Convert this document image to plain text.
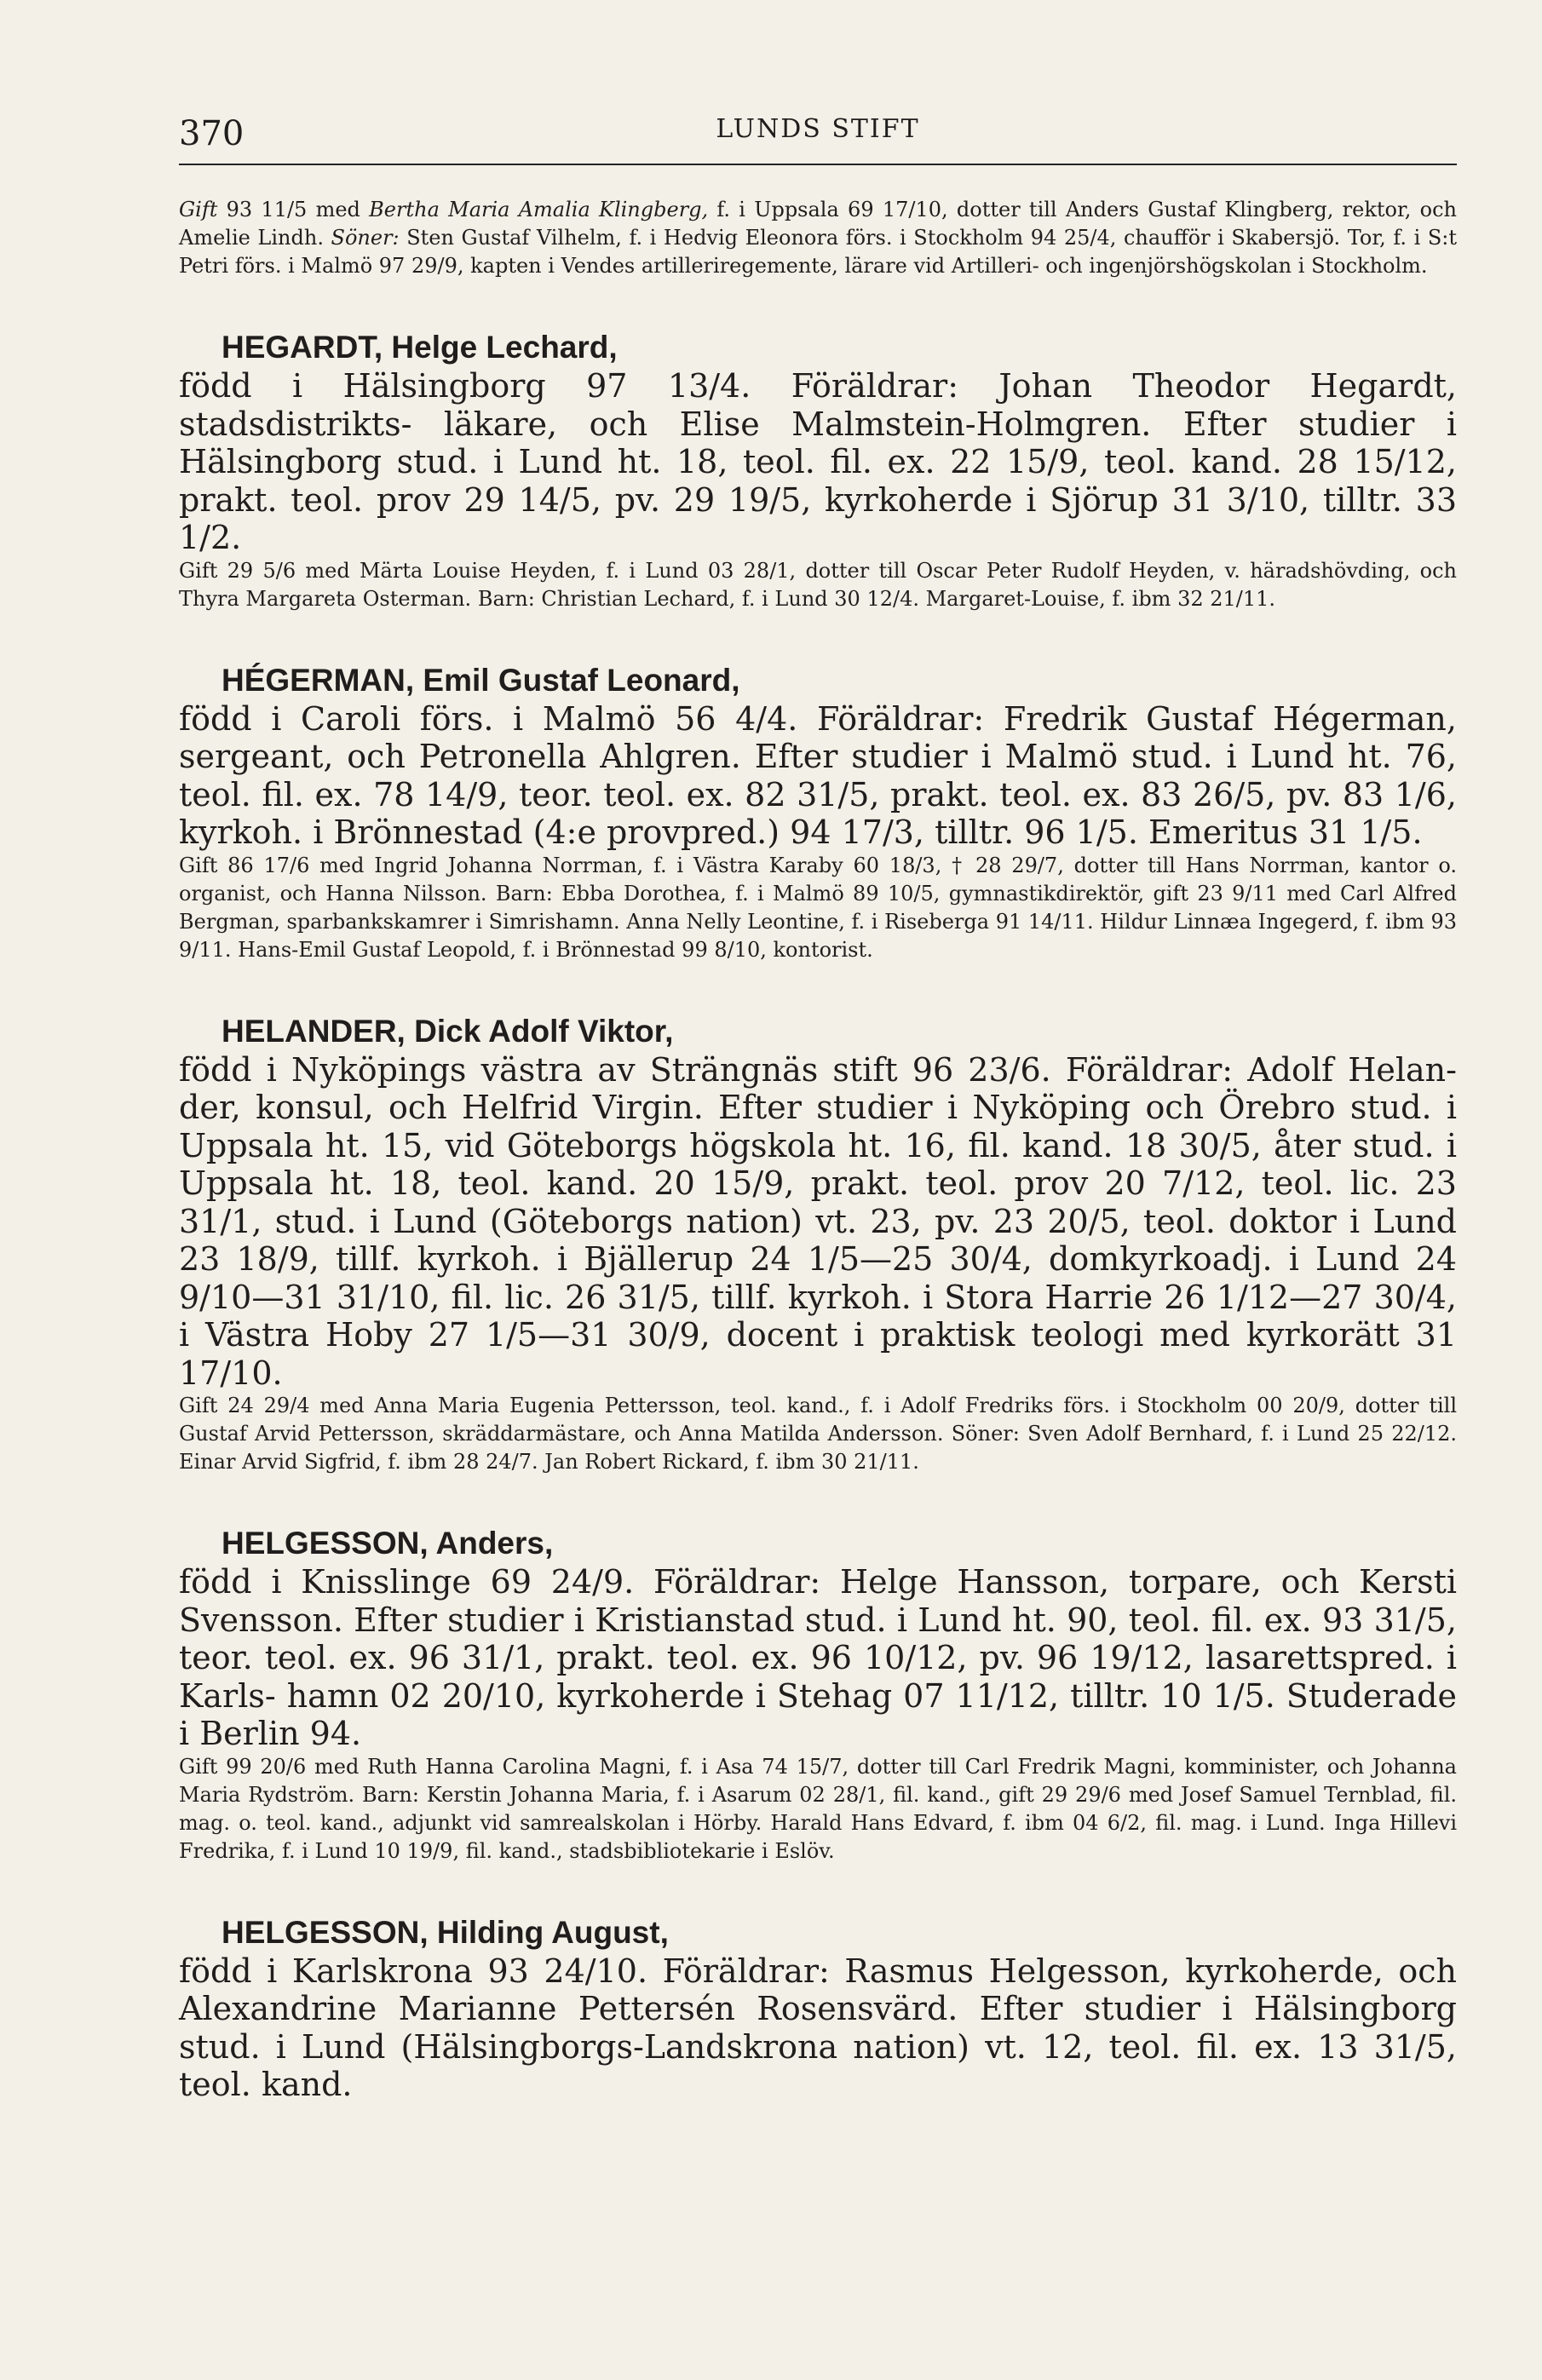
370	LUNDS STIFT

Gift 93 11/5 med Bertha Maria Amalia Klingberg, f. i Uppsala 69 17/10, dotter till Anders Gustaf Klingberg, rektor, och Amelie Lindh. Söner: Sten Gustaf Vilhelm, f. i Hedvig Eleonora förs. i Stockholm 94 25/4, chaufför i Skabersjö. Tor, f. i S:t Petri förs. i Malmö 97 29/9, kapten i Vendes artilleriregemente, lärare vid Artilleri- och ingenjörshögskolan i Stockholm.

HEGARDT, Helge Lechard,

född i Hälsingborg 97 13/4. Föräldrar: Johan Theodor Hegardt, stadsdistrikts- läkare, och Elise Malmstein-Holmgren. Efter studier i Hälsingborg stud. i Lund ht. 18, teol. fil. ex. 22 15/9, teol. kand. 28 15/12, prakt. teol. prov 29 14/5, pv. 29 19/5, kyrkoherde i Sjörup 31 3/10, tilltr. 33 1/2.

Gift 29 5/6 med Märta Louise Heyden, f. i Lund 03 28/1, dotter till Oscar Peter Rudolf Heyden, v. häradshövding, och Thyra Margareta Osterman. Barn: Christian Lechard, f. i Lund 30 12/4. Margaret-Louise, f. ibm 32 21/11.

HÉGERMAN, Emil Gustaf Leonard,

född i Caroli förs. i Malmö 56 4/4. Föräldrar: Fredrik Gustaf Hégerman, sergeant, och Petronella Ahlgren. Efter studier i Malmö stud. i Lund ht. 76, teol. fil. ex. 78 14/9, teor. teol. ex. 82 31/5, prakt. teol. ex. 83 26/5, pv. 83 1/6, kyrkoh. i Brönnestad (4:e provpred.) 94 17/3, tilltr. 96 1/5. Emeritus 31 1/5.

Gift 86 17/6 med Ingrid Johanna Norrman, f. i Västra Karaby 60 18/3, † 28 29/7, dotter till Hans Norrman, kantor o. organist, och Hanna Nilsson. Barn: Ebba Dorothea, f. i Malmö 89 10/5, gymnastikdirektör, gift 23 9/11 med Carl Alfred Bergman, sparbankskamrer i Simrishamn. Anna Nelly Leontine, f. i Riseberga 91 14/11. Hildur Linnæa Ingegerd, f. ibm 93 9/11. Hans-Emil Gustaf Leopold, f. i Brönnestad 99 8/10, kontorist.

HELANDER, Dick Adolf Viktor,

född i Nyköpings västra av Strängnäs stift 96 23/6. Föräldrar: Adolf Helan- der, konsul, och Helfrid Virgin. Efter studier i Nyköping och Örebro stud. i Uppsala ht. 15, vid Göteborgs högskola ht. 16, fil. kand. 18 30/5, åter stud. i Uppsala ht. 18, teol. kand. 20 15/9, prakt. teol. prov 20 7/12, teol. lic. 23 31/1, stud. i Lund (Göteborgs nation) vt. 23, pv. 23 20/5, teol. doktor i Lund 23 18/9, tillf. kyrkoh. i Bjällerup 24 1/5—25 30/4, domkyrkoadj. i Lund 24 9/10—31 31/10, fil. lic. 26 31/5, tillf. kyrkoh. i Stora Harrie 26 1/12—27 30/4, i Västra Hoby 27 1/5—31 30/9, docent i praktisk teologi med kyrkorätt 31 17/10.

Gift 24 29/4 med Anna Maria Eugenia Pettersson, teol. kand., f. i Adolf Fredriks förs. i Stockholm 00 20/9, dotter till Gustaf Arvid Pettersson, skräddarmästare, och Anna Matilda Andersson. Söner: Sven Adolf Bernhard, f. i Lund 25 22/12. Einar Arvid Sigfrid, f. ibm 28 24/7. Jan Robert Rickard, f. ibm 30 21/11.

HELGESSON, Anders,

född i Knisslinge 69 24/9. Föräldrar: Helge Hansson, torpare, och Kersti Svensson. Efter studier i Kristianstad stud. i Lund ht. 90, teol. fil. ex. 93 31/5, teor. teol. ex. 96 31/1, prakt. teol. ex. 96 10/12, pv. 96 19/12, lasarettspred. i Karls- hamn 02 20/10, kyrkoherde i Stehag 07 11/12, tilltr. 10 1/5. Studerade i Berlin 94.

Gift 99 20/6 med Ruth Hanna Carolina Magni, f. i Asa 74 15/7, dotter till Carl Fredrik Magni, komminister, och Johanna Maria Rydström. Barn: Kerstin Johanna Maria, f. i Asarum 02 28/1, fil. kand., gift 29 29/6 med Josef Samuel Ternblad, fil. mag. o. teol. kand., adjunkt vid samrealskolan i Hörby. Harald Hans Edvard, f. ibm 04 6/2, fil. mag. i Lund. Inga Hillevi Fredrika, f. i Lund 10 19/9, fil. kand., stadsbibliotekarie i Eslöv.

HELGESSON, Hilding August,

född i Karlskrona 93 24/10. Föräldrar: Rasmus Helgesson, kyrkoherde, och Alexandrine Marianne Pettersén Rosensvärd. Efter studier i Hälsingborg stud. i Lund (Hälsingborgs-Landskrona nation) vt. 12, teol. fil. ex. 13 31/5, teol. kand.
